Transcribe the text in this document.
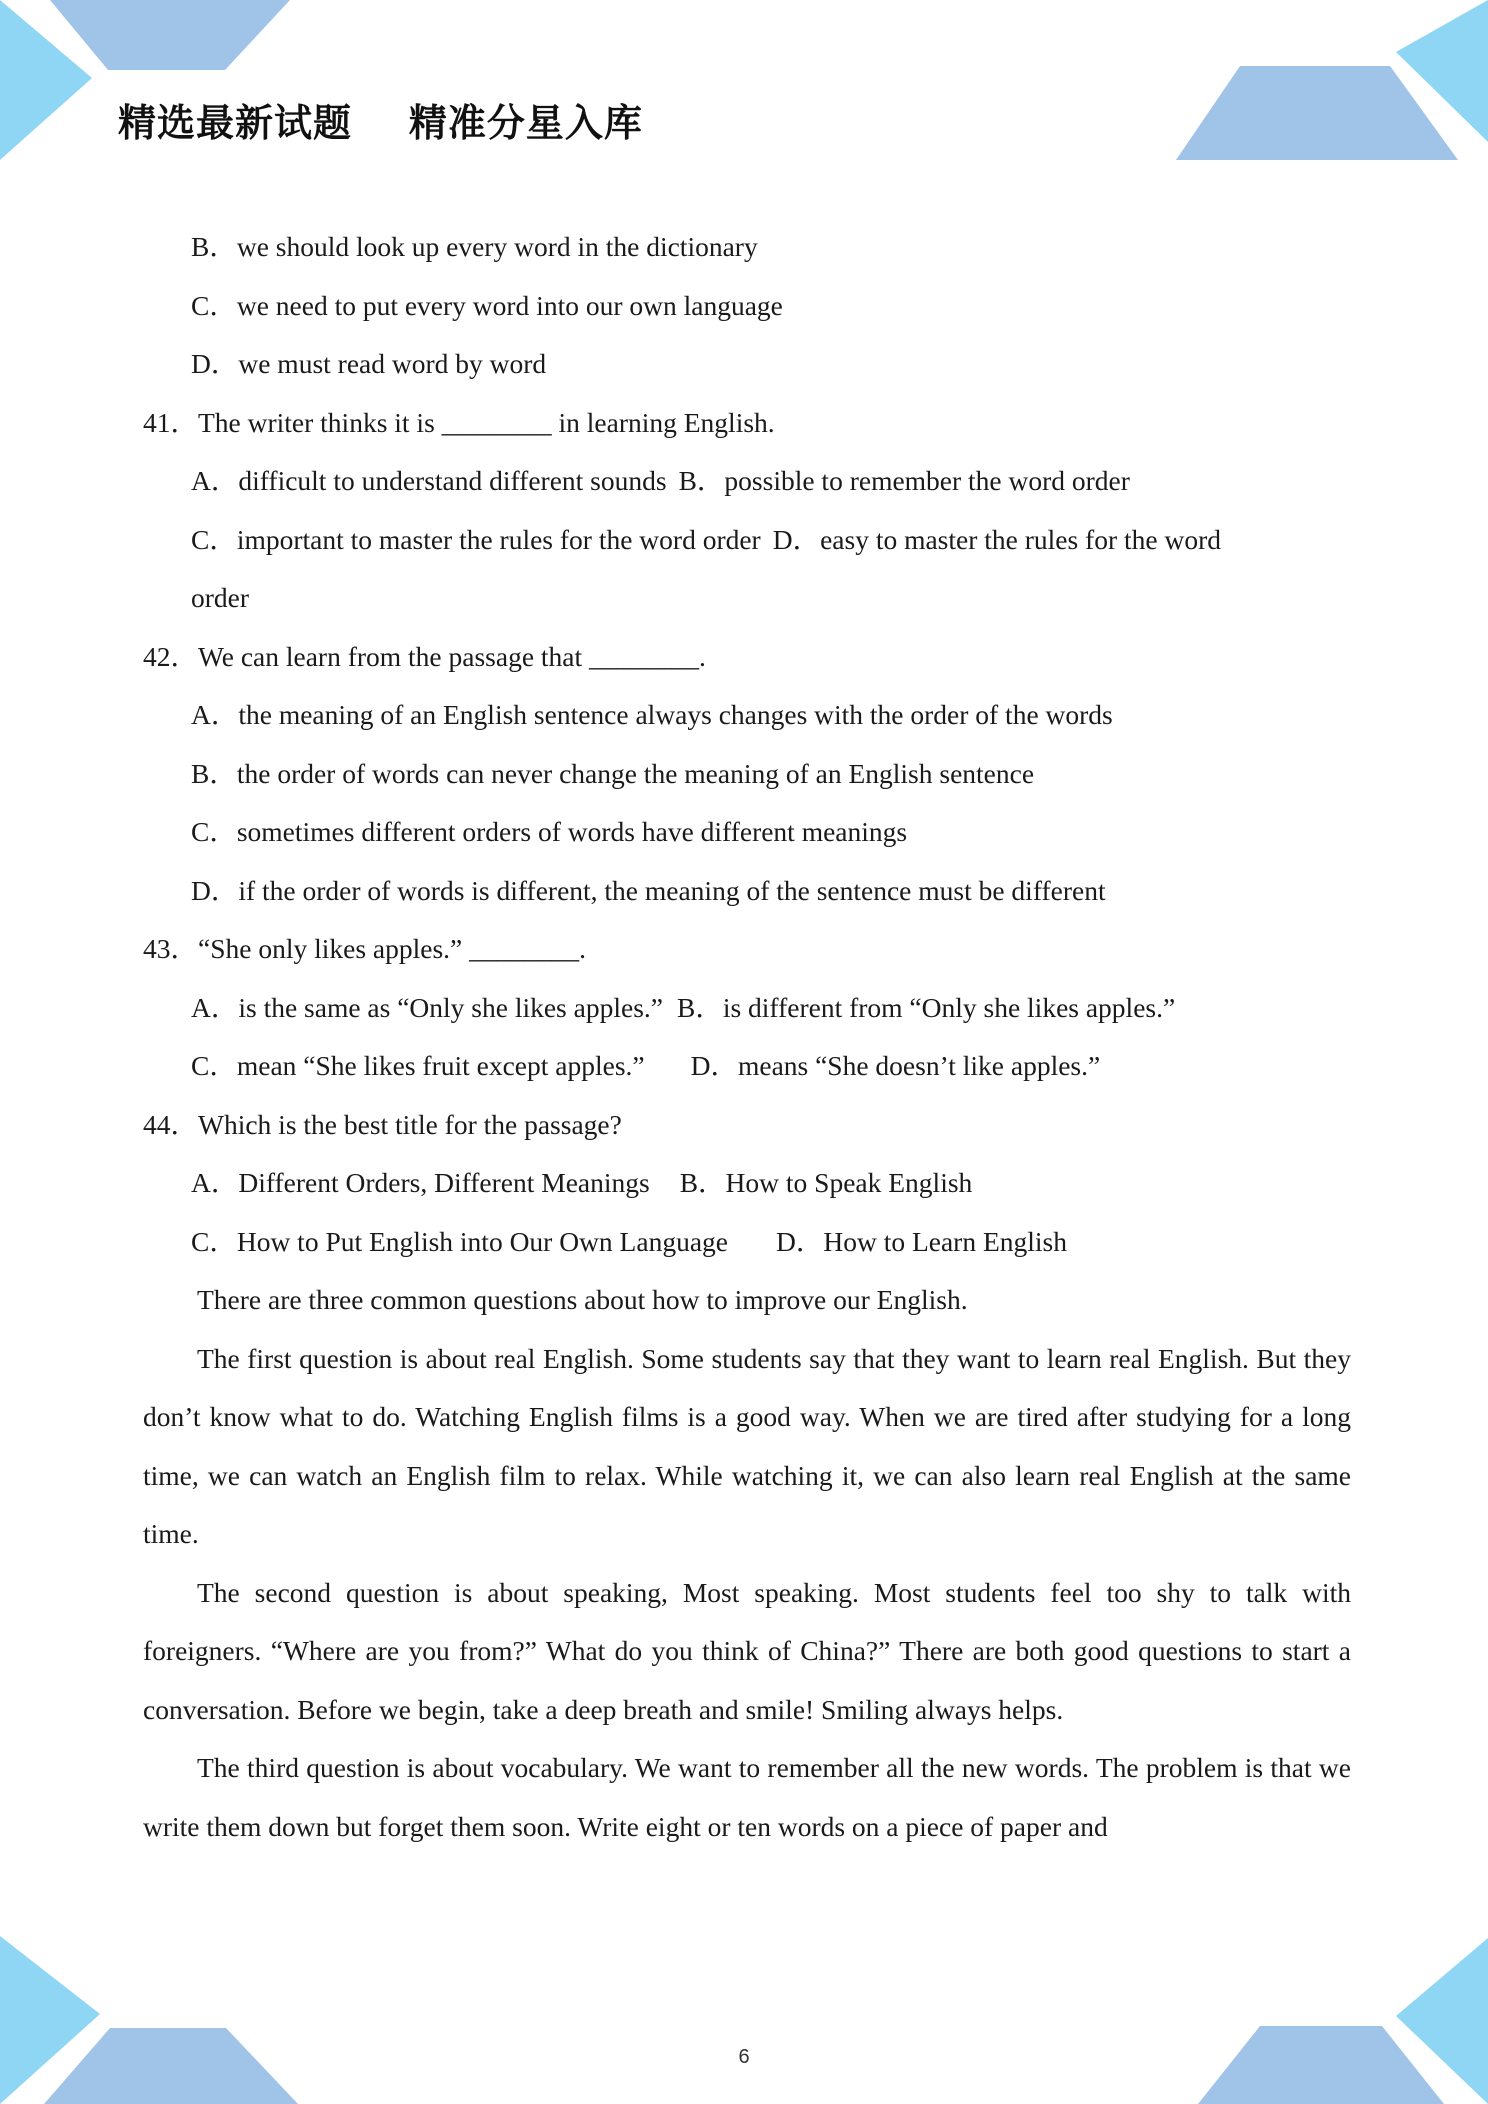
精选最新试题    精准分星入库
B．we should look up every word in the dictionary
C．we need to put every word into our own language
D．we must read word by word
41．The writer thinks it is ________ in learning English.
A．difficult to understand different sounds B．possible to remember the word order
C．important to master the rules for the word order D．easy to master the rules for the word
order
42．We can learn from the passage that ________.
A．the meaning of an English sentence always changes with the order of the words
B．the order of words can never change the meaning of an English sentence
C．sometimes different orders of words have different meanings
D．if the order of words is different, the meaning of the sentence must be different
43．“She only likes apples.” ________.
A．is the same as “Only she likes apples.” B．is different from “Only she likes apples.”
C．mean “She likes fruit except apples.” D．means “She doesn’t like apples.”
44．Which is the best title for the passage?
A．Different Orders, Different Meanings B．How to Speak English
C．How to Put English into Our Own Language D．How to Learn English

There are three common questions about how to improve our English.

The first question is about real English. Some students say that they want to learn real English. But they don’t know what to do. Watching English films is a good way. When we are tired after studying for a long time, we can watch an English film to relax. While watching it, we can also learn real English at the same time.

The second question is about speaking, Most speaking. Most students feel too shy to talk with foreigners. “Where are you from?” What do you think of China?” There are both good questions to start a conversation. Before we begin, take a deep breath and smile! Smiling always helps.

The third question is about vocabulary. We want to remember all the new words. The problem is that we write them down but forget them soon. Write eight or ten words on a piece of paper and

6
